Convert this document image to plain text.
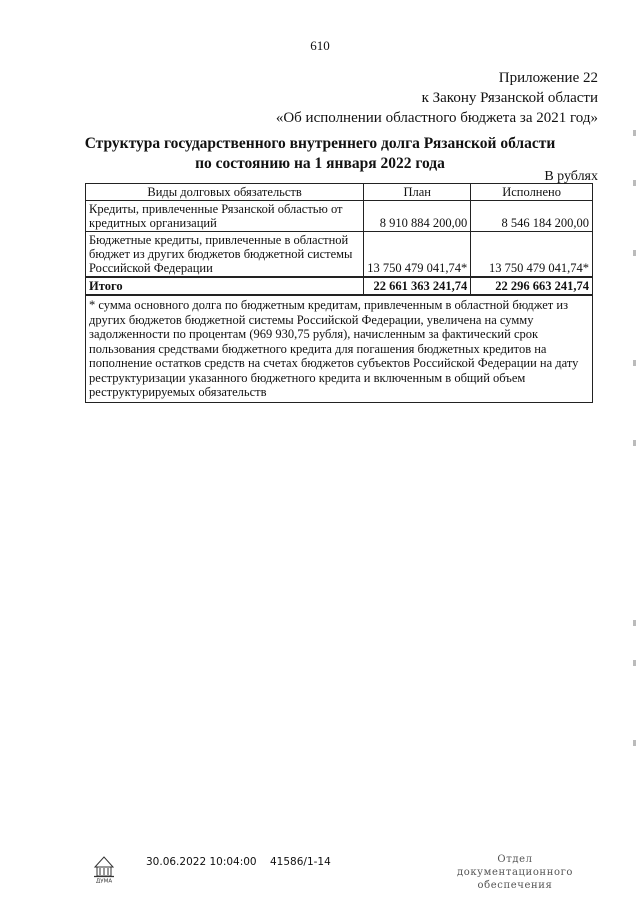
610
Приложение 22
к Закону Рязанской области
«Об исполнении областного бюджета за 2021 год»
Структура государственного внутреннего долга Рязанской области
по состоянию на 1 января 2022 года
В рублях
Виды долговых обязательств	План	Исполнено
Кредиты, привлеченные Рязанской областью от кредитных организаций	8 910 884 200,00	8 546 184 200,00
Бюджетные кредиты, привлеченные в областной бюджет из других бюджетов бюджетной системы Российской Федерации	13 750 479 041,74*	13 750 479 041,74*
Итого	22 661 363 241,74	22 296 663 241,74
* сумма основного долга по бюджетным кредитам, привлеченным в областной бюджет из других бюджетов бюджетной системы Российской Федерации, увеличена на сумму задолженности по процентам (969 930,75 рубля), начисленным за фактический срок пользования средствами бюджетного кредита для погашения бюджетных кредитов на пополнение остатков средств на счетах бюджетов субъектов Российской Федерации на дату реструктуризации указанного бюджетного кредита и включенным в общий объем реструктурируемых обязательств		
ДУМА
30.06.2022 10:04:00 41586/1-14	Отдел документационного
обеспечения
